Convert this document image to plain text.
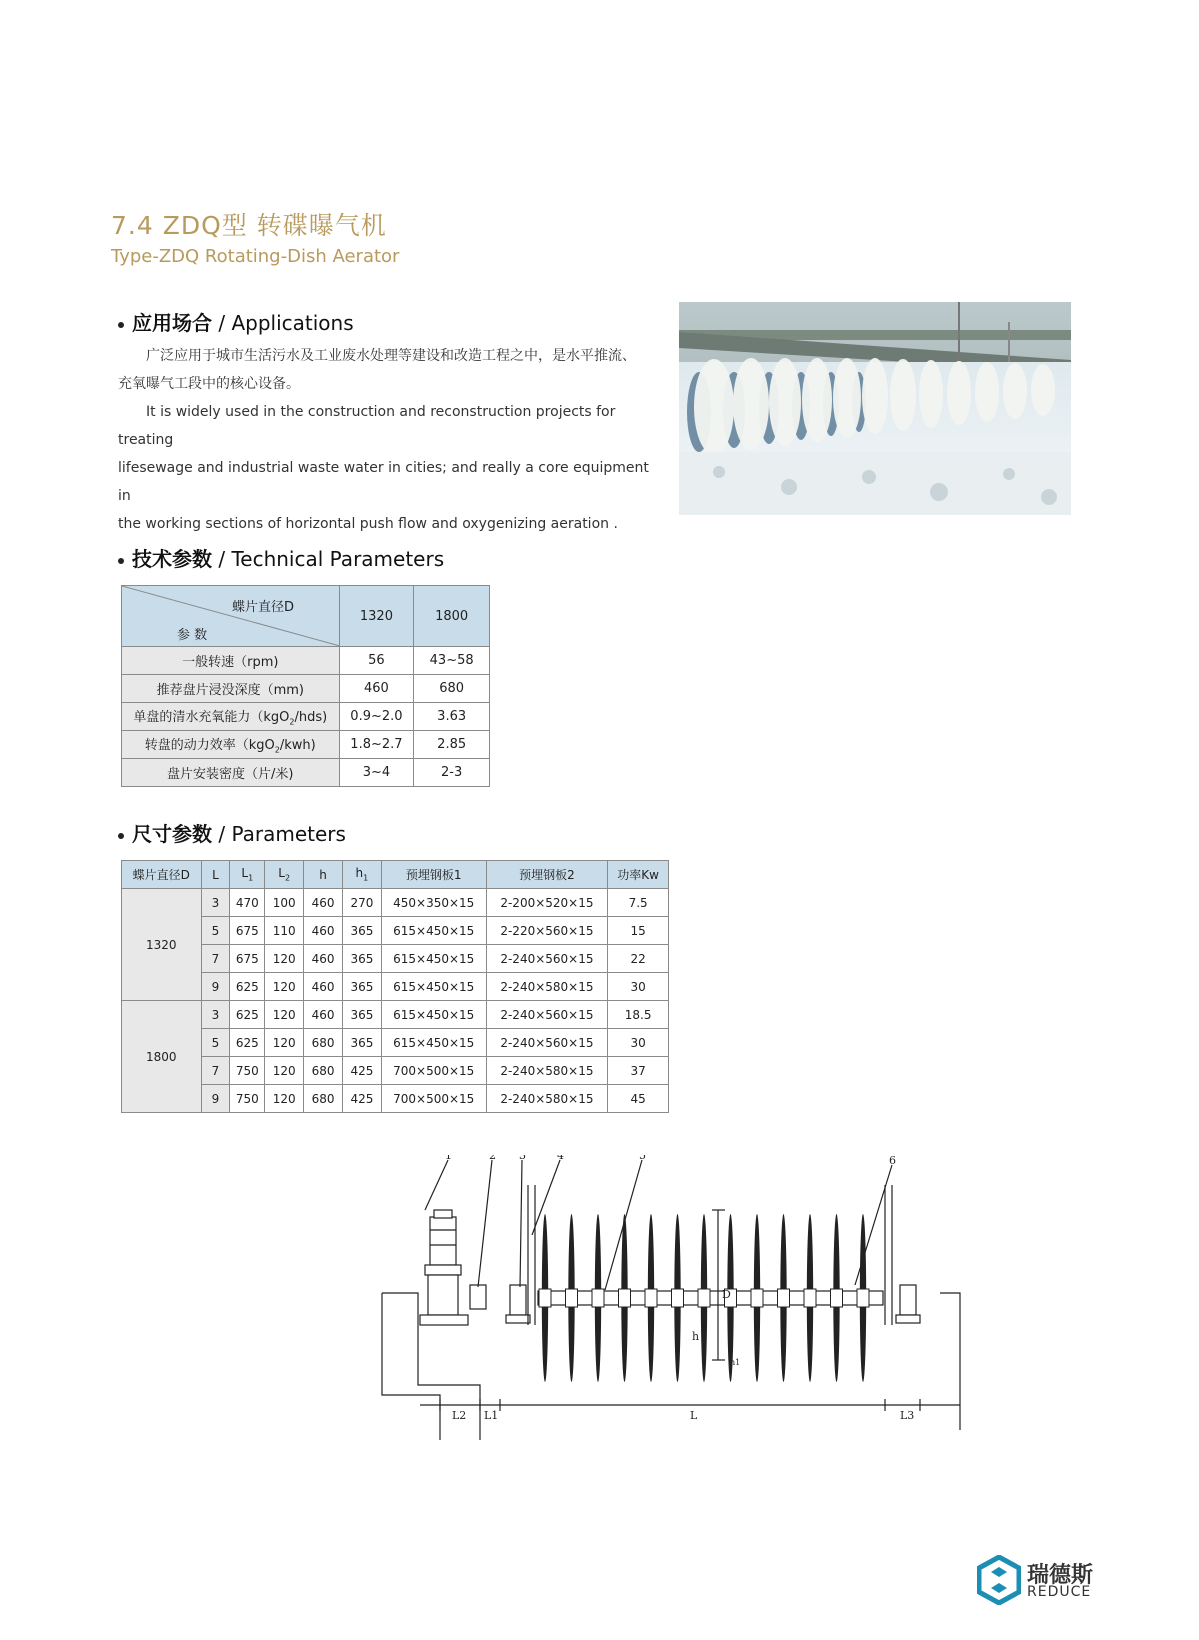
7.4 ZDQ型 转碟曝气机
Type-ZDQ Rotating-Dish Aerator
应用场合 / Applications
广泛应用于城市生活污水及工业废水处理等建设和改造工程之中，是水平推流、
充氧曝气工段中的核心设备。
It is widely used in the construction and reconstruction projects for treating
lifesewage and industrial waste water in cities; and really a core equipment in
the working sections of horizontal push flow and oxygenizing aeration .
技术参数 / Technical Parameters
蝶片直径D
参 数	1320	1800
一般转速（rpm)	56	43~58
推荐盘片浸没深度（mm)	460	680
单盘的清水充氧能力（kgO$_2$/hds)	0.9~2.0	3.63
转盘的动力效率（kgO$_2$/kwh)	1.8~2.7	2.85
盘片安装密度（片/米)	3~4	2-3
尺寸参数 / Parameters
蝶片直径D	L	$L_1$	$L_2$	h	$h_1$	预埋钢板1	预埋钢板2	功率Kw
1320	3	470	100	460	270	450×350×15	2-200×520×15	7.5
	5	675	110	460	365	615×450×15	2-220×560×15	15
	7	675	120	460	365	615×450×15	2-240×560×15	22
	9	625	120	460	365	615×450×15	2-240×580×15	30
1800	3	625	120	460	365	615×450×15	2-240×560×15	18.5
	5	625	120	680	365	615×450×15	2-240×560×15	30
	7	750	120	680	425	700×500×15	2-240×580×15	37
	9	750	120	680	425	700×500×15	2-240×580×15	45
1	2 3	4	5	6
L2 L1	L	L3
D
h
h1
瑞德斯
REDUCE
